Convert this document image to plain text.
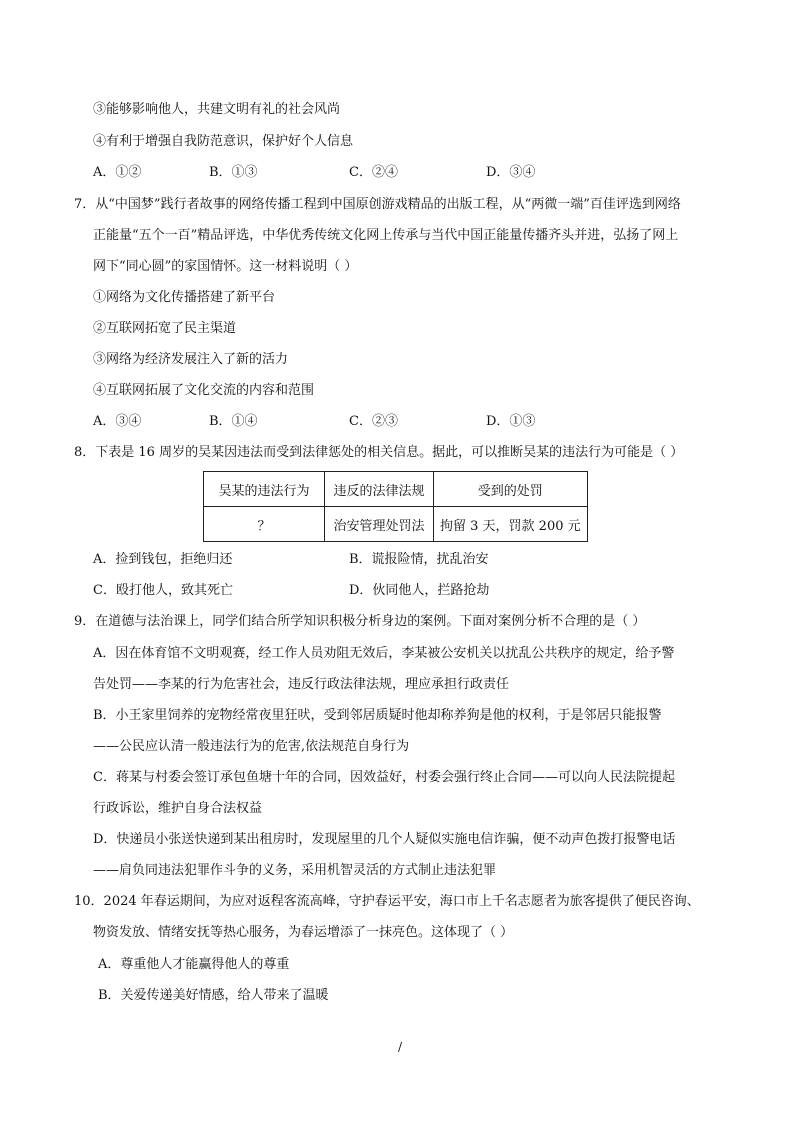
③能够影响他人，共建文明有礼的社会风尚
④有利于增强自我防范意识，保护好个人信息
A．①②	B．①③	C．②④	D．③④
7．从“中国梦”践行者故事的网络传播工程到中国原创游戏精品的出版工程，从“两微一端”百佳评选到网络
正能量“五个一百”精品评选，中华优秀传统文化网上传承与当代中国正能量传播齐头并进，弘扬了网上
网下“同心圆”的家国情怀。这一材料说明（ ）
①网络为文化传播搭建了新平台
②互联网拓宽了民主渠道
③网络为经济发展注入了新的活力
④互联网拓展了文化交流的内容和范围
A．③④	B．①④	C．②③	D．①③
8．下表是 16 周岁的吴某因违法而受到法律惩处的相关信息。据此，可以推断吴某的违法行为可能是（ ）
吴某的违法行为	违反的法律法规	受到的处罚
？	治安管理处罚法	拘留 3 天，罚款 200 元
A．捡到钱包，拒绝归还	B．谎报险情，扰乱治安
C．殴打他人，致其死亡	D．伙同他人，拦路抢劫
9．在道德与法治课上，同学们结合所学知识积极分析身边的案例。下面对案例分析不合理的是（ ）
A．因在体育馆不文明观赛，经工作人员劝阻无效后，李某被公安机关以扰乱公共秩序的规定，给予警
告处罚——李某的行为危害社会，违反行政法律法规，理应承担行政责任
B．小王家里饲养的宠物经常夜里狂吠，受到邻居质疑时他却称养狗是他的权利，于是邻居只能报警
——公民应认清一般违法行为的危害,依法规范自身行为
C．蒋某与村委会签订承包鱼塘十年的合同，因效益好，村委会强行终止合同——可以向人民法院提起
行政诉讼，维护自身合法权益
D．快递员小张送快递到某出租房时，发现屋里的几个人疑似实施电信诈骗，便不动声色拨打报警电话
——肩负同违法犯罪作斗争的义务，采用机智灵活的方式制止违法犯罪
10．2024 年春运期间，为应对返程客流高峰，守护春运平安，海口市上千名志愿者为旅客提供了便民咨询、
物资发放、情绪安抚等热心服务，为春运增添了一抹亮色。这体现了（ ）
A．尊重他人才能赢得他人的尊重
B．关爱传递美好情感，给人带来了温暖
/
